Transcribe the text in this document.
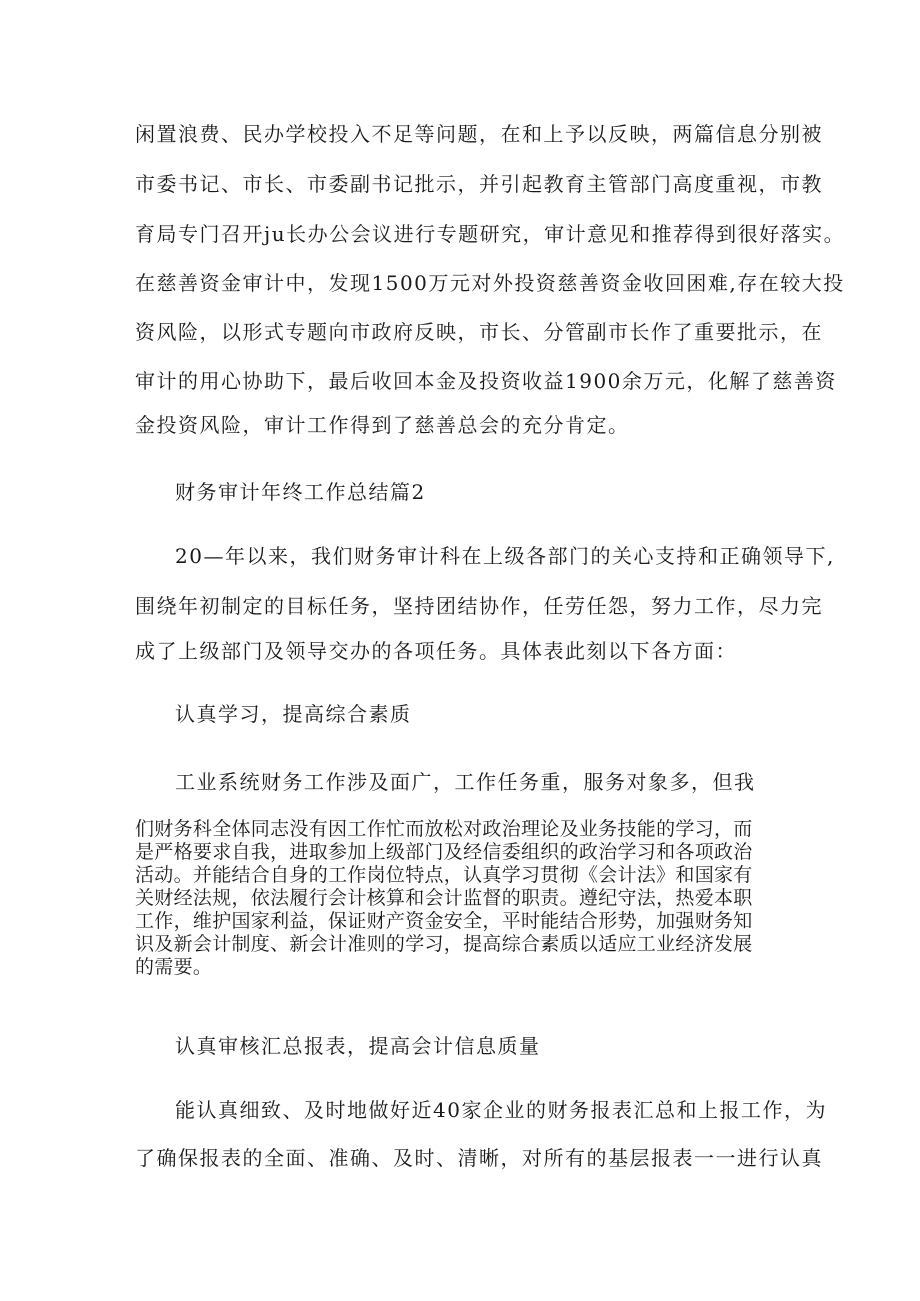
闲置浪费、民办学校投入不足等问题，在和上予以反映，两篇信息分别被

市委书记、市长、市委副书记批示，并引起教育主管部门高度重视，市教

育局专门召开ju长办公会议进行专题研究，审计意见和推荐得到很好落实。

在慈善资金审计中，发现1500万元对外投资慈善资金收回困难,存在较大投

资风险，以形式专题向市政府反映，市长、分管副市长作了重要批示，在

审计的用心协助下，最后收回本金及投资收益1900余万元，化解了慈善资

金投资风险，审计工作得到了慈善总会的充分肯定。

财务审计年终工作总结篇2

20—年以来，我们财务审计科在上级各部门的关心支持和正确领导下,

围绕年初制定的目标任务，坚持团结协作，任劳任怨，努力工作，尽力完

成了上级部门及领导交办的各项任务。具体表此刻以下各方面：

认真学习，提高综合素质

工业系统财务工作涉及面广，工作任务重，服务对象多，但我

们财务科全体同志没有因工作忙而放松对政治理论及业务技能的学习，而
是严格要求自我，进取参加上级部门及经信委组织的政治学习和各项政治
活动。并能结合自身的工作岗位特点，认真学习贯彻《会计法》和国家有
关财经法规，依法履行会计核算和会计监督的职责。遵纪守法，热爱本职
工作，维护国家利益，保证财产资金安全，平时能结合形势，加强财务知
识及新会计制度、新会计准则的学习，提高综合素质以适应工业经济发展
的需要。

认真审核汇总报表，提高会计信息质量

能认真细致、及时地做好近40家企业的财务报表汇总和上报工作，为

了确保报表的全面、准确、及时、清晰，对所有的基层报表一一进行认真
